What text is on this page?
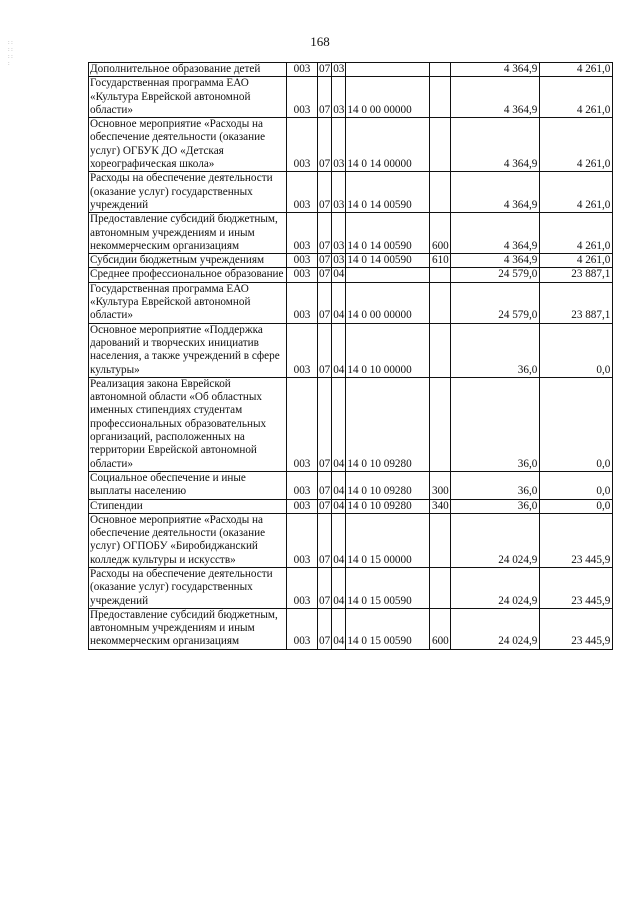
168
: : : : : : :	Дополнительное образование детей	003	07	03			4 364,9	4 261,0
Государственная программа ЕАО «Культура Еврейской автономной области»	003	07	03	14 0 00 00000		4 364,9	4 261,0
Основное мероприятие «Расходы на обеспечение деятельности (оказание услуг) ОГБУК ДО «Детская хореографическая школа»	003	07	03	14 0 14 00000		4 364,9	4 261,0
Расходы на обеспечение деятельности (оказание услуг) государственных учреждений	003	07	03	14 0 14 00590		4 364,9	4 261,0
Предоставление субсидий бюджетным, автономным учреждениям и иным некоммерческим организациям	003	07	03	14 0 14 00590	600	4 364,9	4 261,0
Субсидии бюджетным учреждениям	003	07	03	14 0 14 00590	610	4 364,9	4 261,0
Среднее профессиональное образование	003	07	04			24 579,0	23 887,1
Государственная программа ЕАО «Культура Еврейской автономной области»	003	07	04	14 0 00 00000		24 579,0	23 887,1
Основное мероприятие «Поддержка дарований и творческих инициатив населения, а также учреждений в сфере культуры»	003	07	04	14 0 10 00000		36,0	0,0
Реализация закона Еврейской автономной области «Об областных именных стипендиях студентам профессиональных образовательных организаций, расположенных на территории Еврейской автономной области»	003	07	04	14 0 10 09280		36,0	0,0
Социальное обеспечение и иные выплаты населению	003	07	04	14 0 10 09280	300	36,0	0,0
Стипендии	003	07	04	14 0 10 09280	340	36,0	0,0
Основное мероприятие «Расходы на обеспечение деятельности (оказание услуг) ОГПОБУ «Биробиджанский колледж культуры и искусств»	003	07	04	14 0 15 00000		24 024,9	23 445,9
Расходы на обеспечение деятельности (оказание услуг) государственных учреждений	003	07	04	14 0 15 00590		24 024,9	23 445,9
Предоставление субсидий бюджетным, автономным учреждениям и иным некоммерческим организациям	003	07	04	14 0 15 00590	600	24 024,9	23 445,9
